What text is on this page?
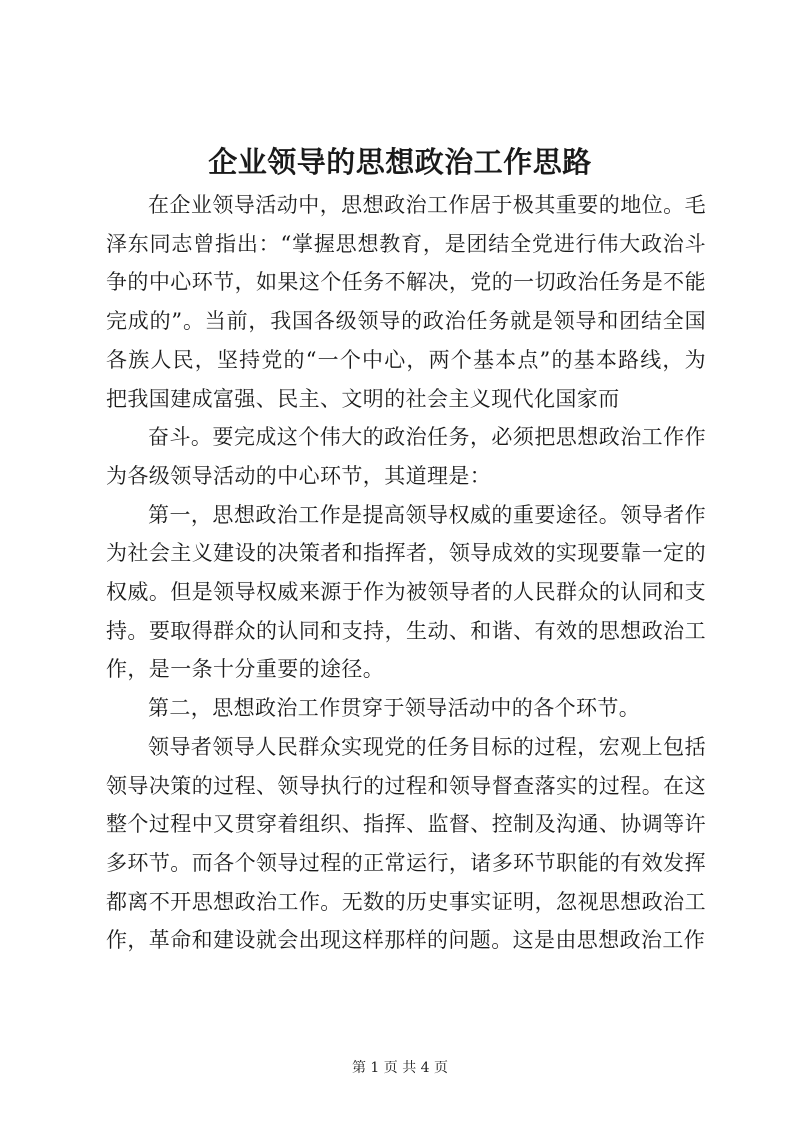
企业领导的思想政治工作思路

在企业领导活动中，思想政治工作居于极其重要的地位。毛泽东同志曾指出：“掌握思想教育，是团结全党进行伟大政治斗争的中心环节，如果这个任务不解决，党的一切政治任务是不能完成的”。当前，我国各级领导的政治任务就是领导和团结全国各族人民，坚持党的“一个中心，两个基本点”的基本路线，为把我国建成富强、民主、文明的社会主义现代化国家而

奋斗。要完成这个伟大的政治任务，必须把思想政治工作作为各级领导活动的中心环节，其道理是：

第一，思想政治工作是提高领导权威的重要途径。领导者作为社会主义建设的决策者和指挥者，领导成效的实现要靠一定的权威。但是领导权威来源于作为被领导者的人民群众的认同和支持。要取得群众的认同和支持，生动、和谐、有效的思想政治工作，是一条十分重要的途径。

第二，思想政治工作贯穿于领导活动中的各个环节。

领导者领导人民群众实现党的任务目标的过程，宏观上包括领导决策的过程、领导执行的过程和领导督查落实的过程。在这整个过程中又贯穿着组织、指挥、监督、控制及沟通、协调等许多环节。而各个领导过程的正常运行，诸多环节职能的有效发挥都离不开思想政治工作。无数的历史事实证明，忽视思想政治工作，革命和建设就会出现这样那样的问题。这是由思想政治工作

第 1 页 共 4 页
